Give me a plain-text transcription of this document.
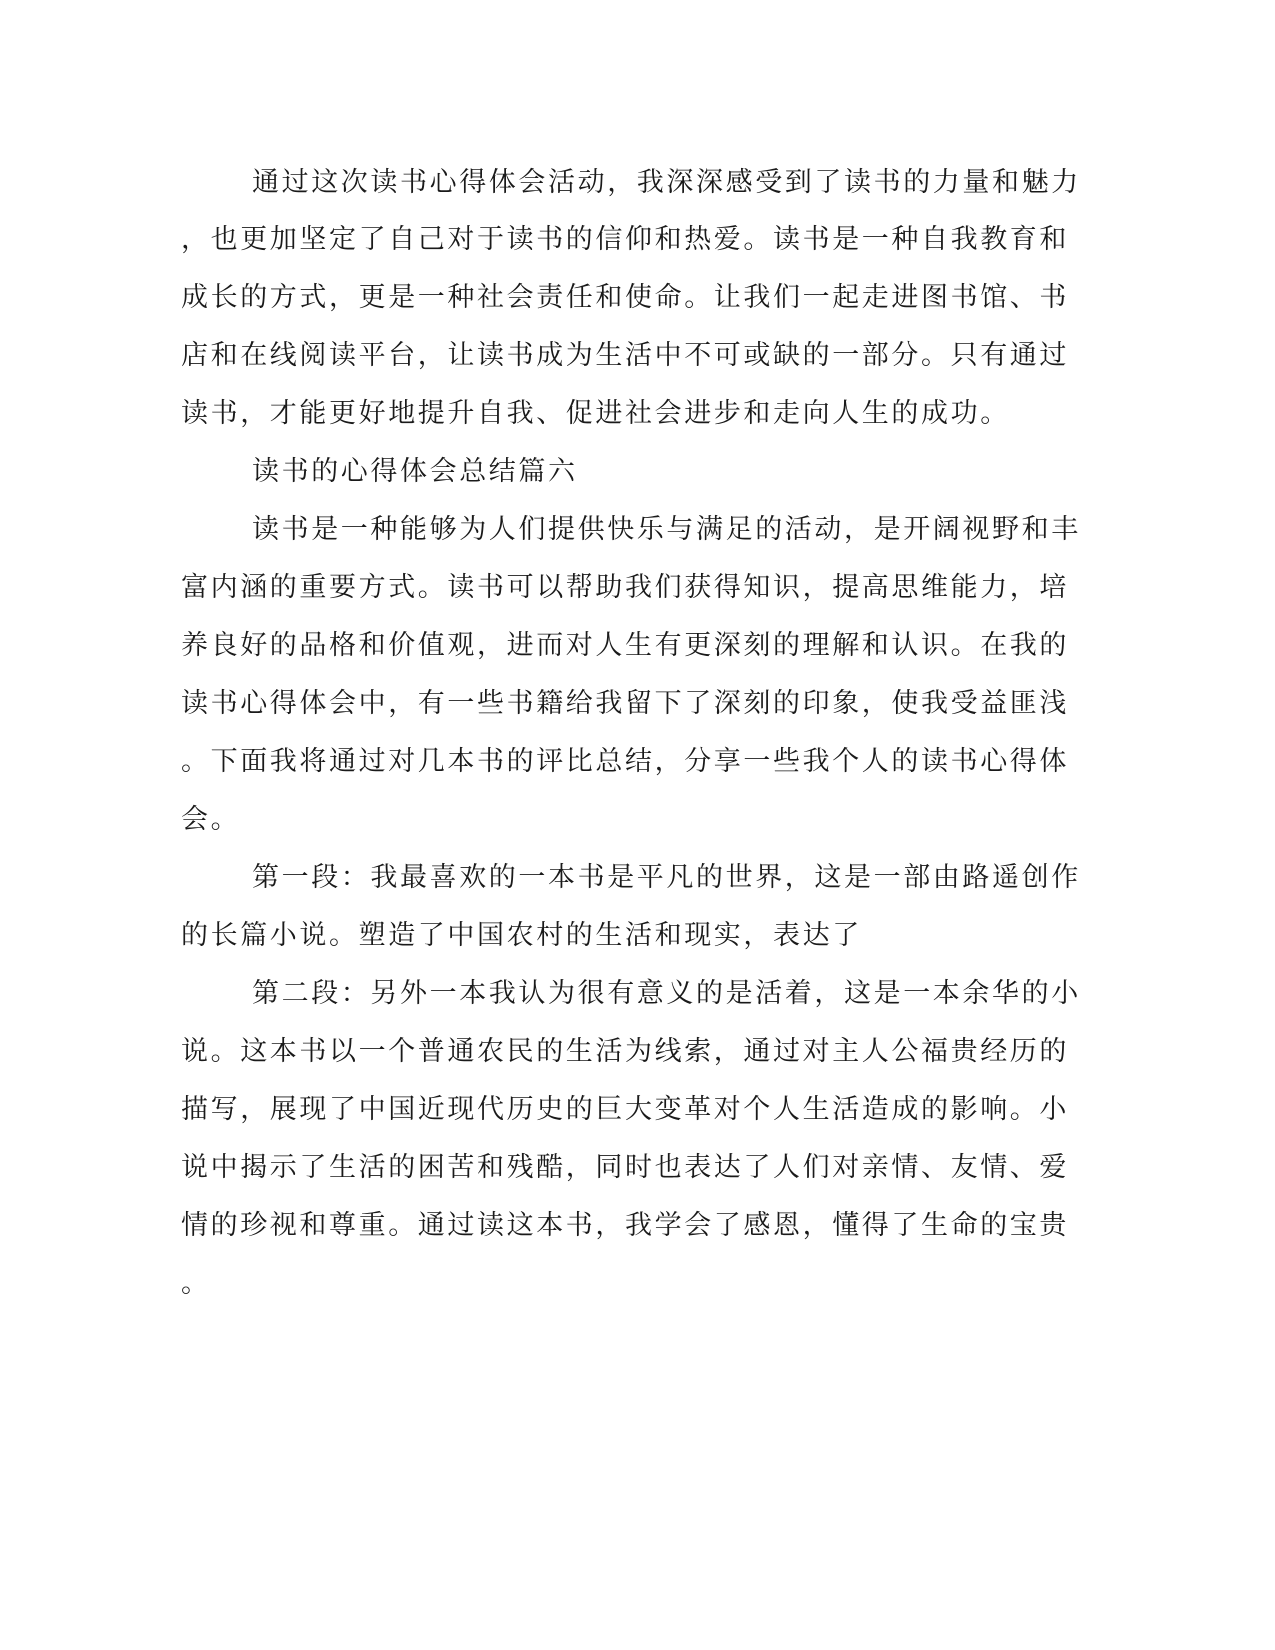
通过这次读书心得体会活动，我深深感受到了读书的力量和魅力
，也更加坚定了自己对于读书的信仰和热爱。读书是一种自我教育和
成长的方式，更是一种社会责任和使命。让我们一起走进图书馆、书
店和在线阅读平台，让读书成为生活中不可或缺的一部分。只有通过
读书，才能更好地提升自我、促进社会进步和走向人生的成功。
读书的心得体会总结篇六
读书是一种能够为人们提供快乐与满足的活动，是开阔视野和丰
富内涵的重要方式。读书可以帮助我们获得知识，提高思维能力，培
养良好的品格和价值观，进而对人生有更深刻的理解和认识。在我的
读书心得体会中，有一些书籍给我留下了深刻的印象，使我受益匪浅
。下面我将通过对几本书的评比总结，分享一些我个人的读书心得体
会。
第一段：我最喜欢的一本书是平凡的世界，这是一部由路遥创作
的长篇小说。塑造了中国农村的生活和现实，表达了
第二段：另外一本我认为很有意义的是活着，这是一本余华的小
说。这本书以一个普通农民的生活为线索，通过对主人公福贵经历的
描写，展现了中国近现代历史的巨大变革对个人生活造成的影响。小
说中揭示了生活的困苦和残酷，同时也表达了人们对亲情、友情、爱
情的珍视和尊重。通过读这本书，我学会了感恩，懂得了生命的宝贵
。
